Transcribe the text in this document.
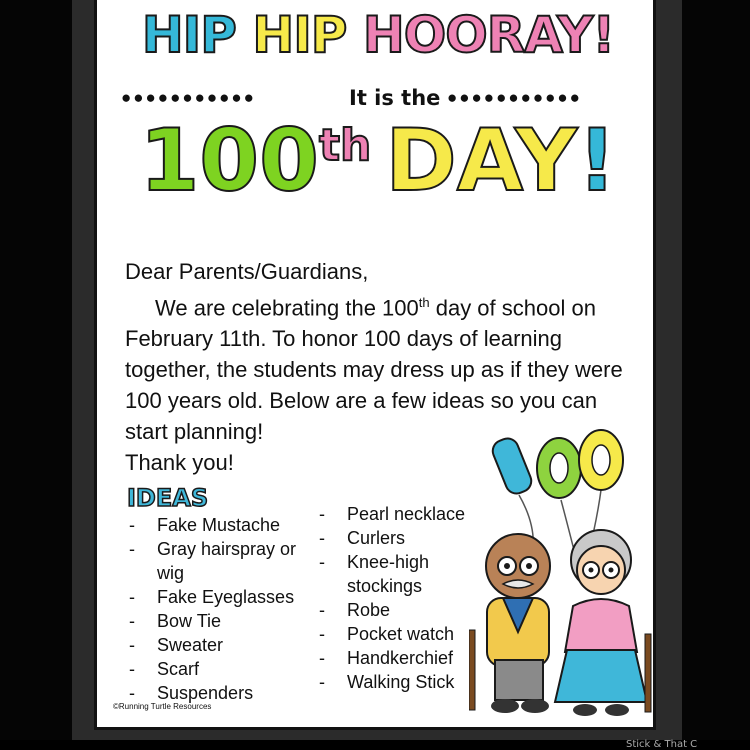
Stick & That C
HIP HIP HOORAY!
●●●●●●●●●●●	It is the ●●●●●●●●●●●
100th DAY!

Dear Parents/Guardians,

We are celebrating the 100th day of school on February 11th. To honor 100 days of learning together, the students may dress up as if they were 100 years old. Below are a few ideas so you can start planning!

Thank you!

IDEAS
- Fake Mustache
- Gray hairspray or wig
- Fake Eyeglasses
- Bow Tie
- Sweater
- Scarf
- Suspenders
- Pearl necklace
- Curlers
- Knee-high stockings
- Robe
- Pocket watch
- Handkerchief
- Walking Stick
©Running Turtle Resources
